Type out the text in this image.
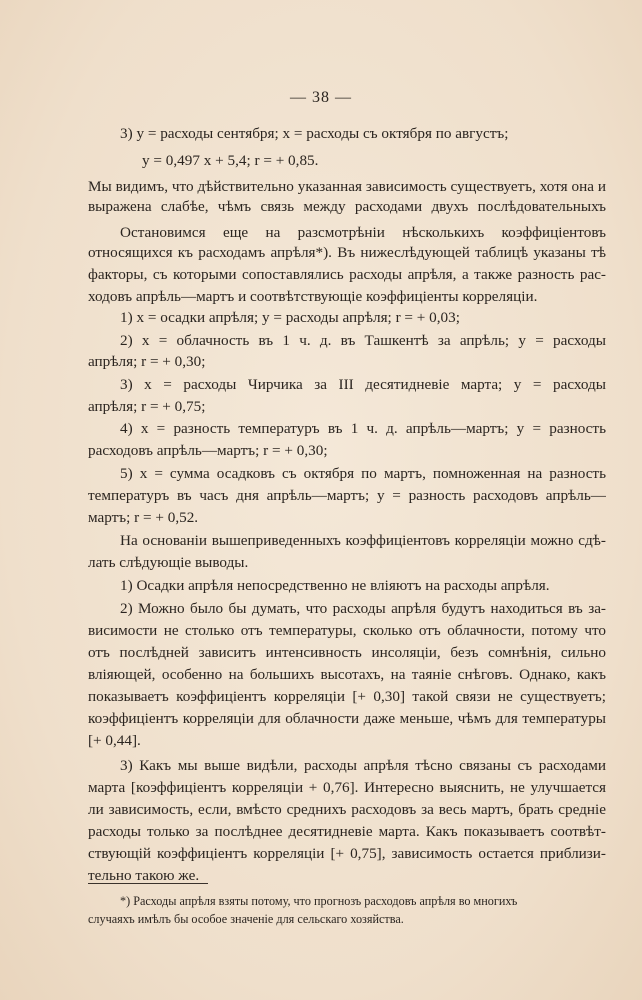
— 38 —
3) y = расходы сентября; x = расходы съ октября по августъ;
y = 0,497 x + 5,4; r = + 0,85.
Мы видимъ, что дѣйствительно указанная зависимость существуетъ, хотя она и
выражена слабѣе, чѣмъ связь между расходами двухъ послѣдовательныхъ
Остановимся еще на разсмотрѣніи нѣсколькихъ коэффиціентовъ
относящихся къ расходамъ апрѣля*). Въ нижеслѣдующей таблицѣ указаны тѣ
факторы, съ которыми сопоставлялись расходы апрѣля, а также разность рас-
ходовъ апрѣль—мартъ и соотвѣтствующіе коэффиціенты корреляціи.
1) x = осадки апрѣля; y = расходы апрѣля; r = + 0,03;
2) x = облачность въ 1 ч. д. въ Ташкентѣ за апрѣль; y = расходы
апрѣля; r = + 0,30;
3) x = расходы Чирчика за III десятидневіе марта; y = расходы
апрѣля; r = + 0,75;
4) x = разность температуръ въ 1 ч. д. апрѣль—мартъ; y = разность
расходовъ апрѣль—мартъ; r = + 0,30;
5) x = сумма осадковъ съ октября по мартъ, помноженная на разность
температуръ въ часъ дня апрѣль—мартъ; y = разность расходовъ апрѣль—
мартъ; r = + 0,52.
На основаніи вышеприведенныхъ коэффиціентовъ корреляціи можно сдѣ-
лать слѣдующіе выводы.
1) Осадки апрѣля непосредственно не вліяютъ на расходы апрѣля.
2) Можно было бы думать, что расходы апрѣля будутъ находиться въ за-
висимости не столько отъ температуры, сколько отъ облачности, потому что
отъ послѣдней зависитъ интенсивность инсоляціи, безъ сомнѣнія, сильно
вліяющей, особенно на большихъ высотахъ, на таяніе снѣговъ. Однако, какъ
показываетъ коэффиціентъ корреляціи [+ 0,30] такой связи не существуетъ;
коэффиціентъ корреляціи для облачности даже меньше, чѣмъ для температуры
[+ 0,44].
3) Какъ мы выше видѣли, расходы апрѣля тѣсно связаны съ расходами
марта [коэффиціентъ корреляціи + 0,76]. Интересно выяснить, не улучшается
ли зависимость, если, вмѣсто среднихъ расходовъ за весь мартъ, брать средніе
расходы только за послѣднее десятидневіе марта. Какъ показываетъ соотвѣт-
ствующій коэффиціентъ корреляціи [+ 0,75], зависимость остается приблизи-
тельно такою же.
*) Расходы апрѣля взяты потому, что прогнозъ расходовъ апрѣля во многихъ
случаяхъ имѣлъ бы особое значеніе для сельскаго хозяйства.
